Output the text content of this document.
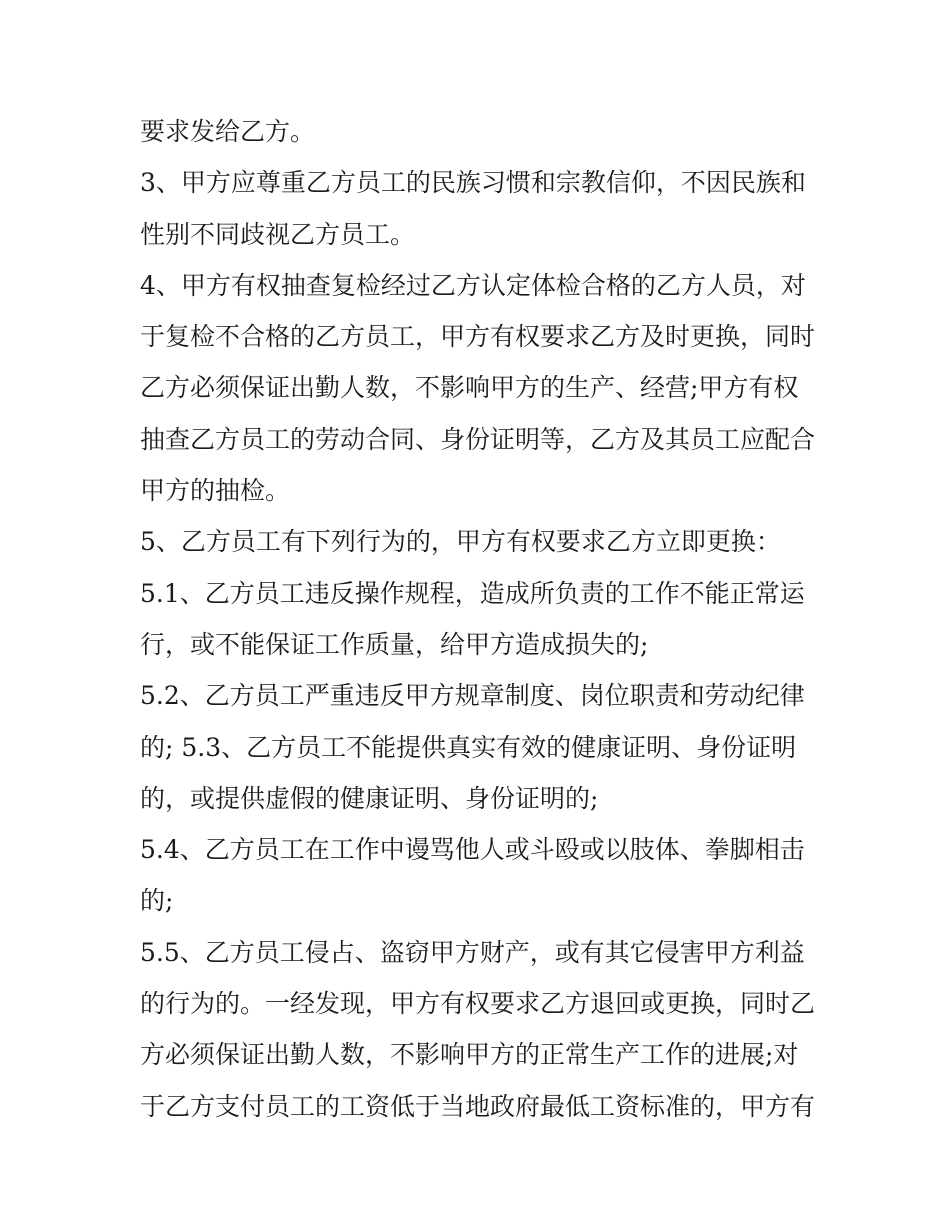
要求发给乙方。
3、甲方应尊重乙方员工的民族习惯和宗教信仰，不因民族和
性别不同歧视乙方员工。
4、甲方有权抽查复检经过乙方认定体检合格的乙方人员，对
于复检不合格的乙方员工，甲方有权要求乙方及时更换，同时
乙方必须保证出勤人数，不影响甲方的生产、经营;甲方有权
抽查乙方员工的劳动合同、身份证明等，乙方及其员工应配合
甲方的抽检。
5、乙方员工有下列行为的，甲方有权要求乙方立即更换：
5.1、乙方员工违反操作规程，造成所负责的工作不能正常运
行，或不能保证工作质量，给甲方造成损失的;
5.2、乙方员工严重违反甲方规章制度、岗位职责和劳动纪律
的; 5.3、乙方员工不能提供真实有效的健康证明、身份证明
的，或提供虚假的健康证明、身份证明的;
5.4、乙方员工在工作中谩骂他人或斗殴或以肢体、拳脚相击
的;
5.5、乙方员工侵占、盗窃甲方财产，或有其它侵害甲方利益
的行为的。一经发现，甲方有权要求乙方退回或更换，同时乙
方必须保证出勤人数，不影响甲方的正常生产工作的进展;对
于乙方支付员工的工资低于当地政府最低工资标准的，甲方有
